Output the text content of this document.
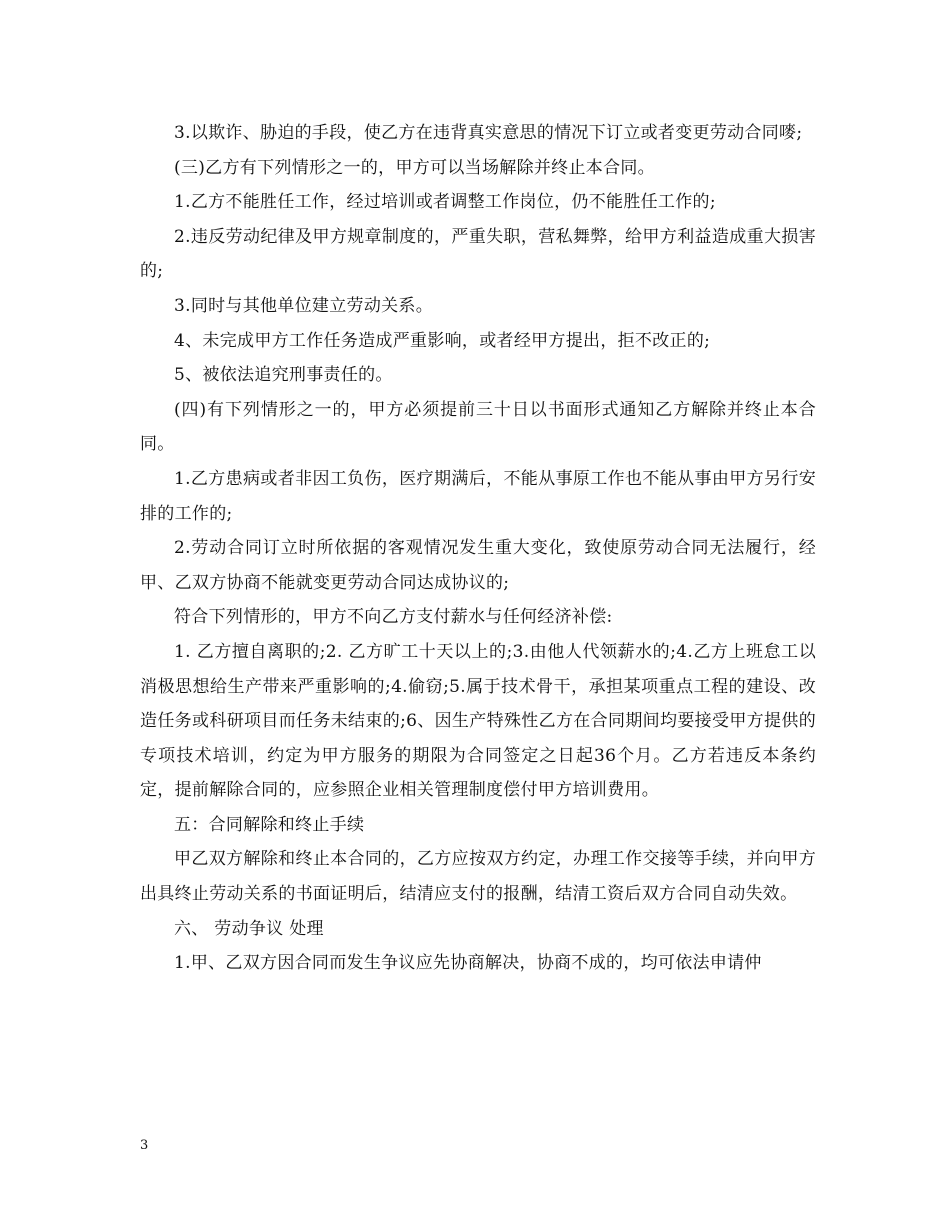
3.以欺诈、胁迫的手段，使乙方在违背真实意思的情况下订立或者变更劳动合同嘜;

(三)乙方有下列情形之一的，甲方可以当场解除并终止本合同。

1.乙方不能胜任工作，经过培训或者调整工作岗位，仍不能胜任工作的;

2.违反劳动纪律及甲方规章制度的，严重失职，营私舞弊，给甲方利益造成重大损害的;

3.同时与其他单位建立劳动关系。

4、未完成甲方工作任务造成严重影响，或者经甲方提出，拒不改正的;

5、被依法追究刑事责任的。

(四)有下列情形之一的，甲方必须提前三十日以书面形式通知乙方解除并终止本合同。

1.乙方患病或者非因工负伤，医疗期满后，不能从事原工作也不能从事由甲方另行安排的工作的;

2.劳动合同订立时所依据的客观情况发生重大变化，致使原劳动合同无法履行，经甲、乙双方协商不能就变更劳动合同达成协议的;

符合下列情形的，甲方不向乙方支付薪水与任何经济补偿:

1. 乙方擅自离职的;2. 乙方旷工十天以上的;3.由他人代领薪水的;4.乙方上班怠工以消极思想给生产带来严重影响的;4.偷窃;5.属于技术骨干，承担某项重点工程的建设、改造任务或科研项目而任务未结束的;6、因生产特殊性乙方在合同期间均要接受甲方提供的专项技术培训，约定为甲方服务的期限为合同签定之日起36个月。乙方若违反本条约定，提前解除合同的，应参照企业相关管理制度偿付甲方培训费用。

五：合同解除和终止手续

甲乙双方解除和终止本合同的，乙方应按双方约定，办理工作交接等手续，并向甲方出具终止劳动关系的书面证明后，结清应支付的报酬，结清工资后双方合同自动失效。

六、 劳动争议 处理

1.甲、乙双方因合同而发生争议应先协商解决，协商不成的，均可依法申请仲

3
